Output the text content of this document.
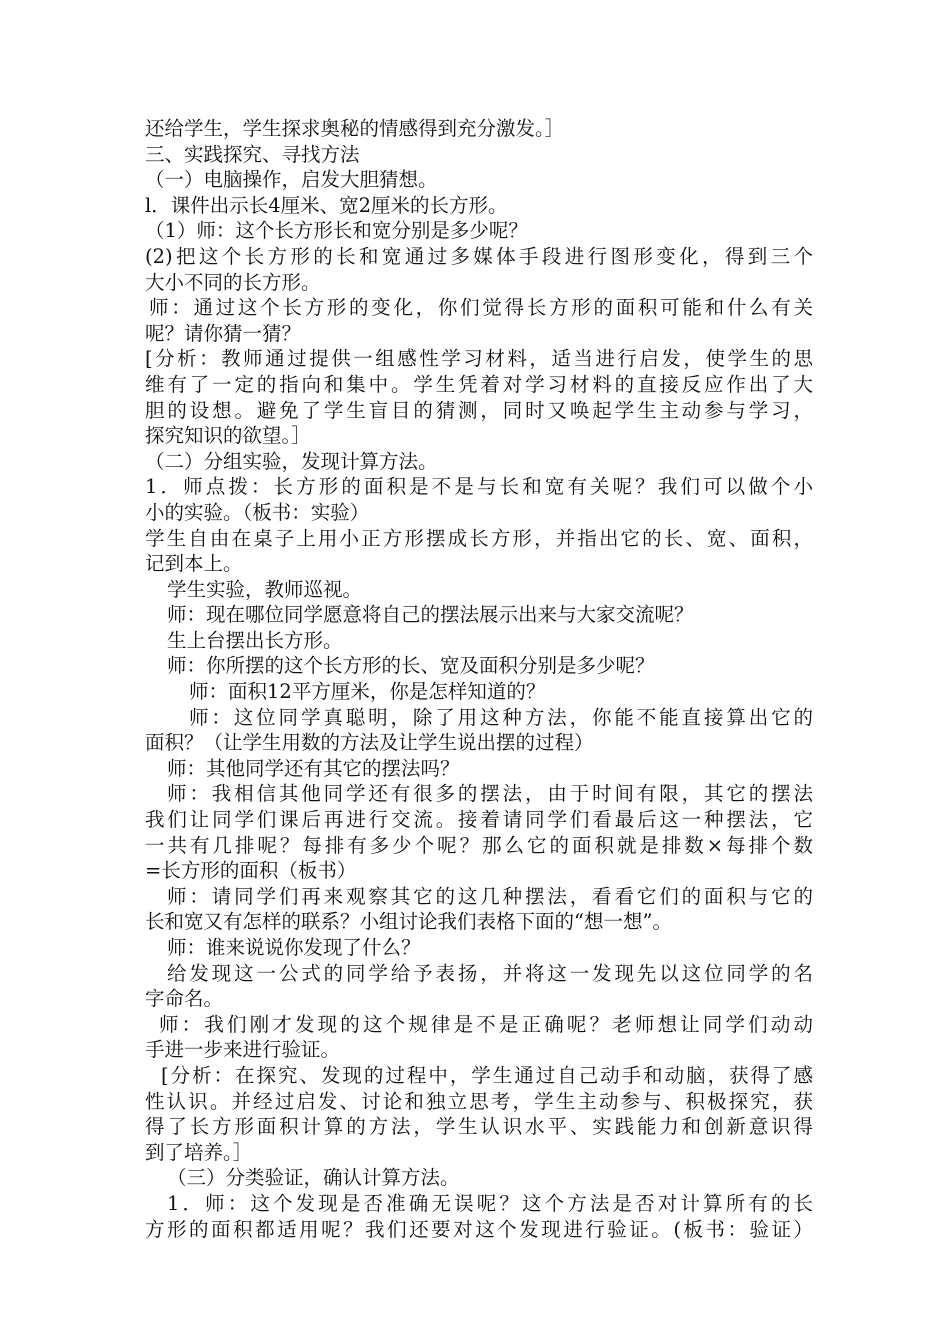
还给学生，学生探求奥秘的情感得到充分激发。］

三、实践探究、寻找方法

（一）电脑操作，启发大胆猜想。

l．课件出示长4厘米、宽2厘米的长方形。

（1）师：这个长方形长和宽分别是多少呢？

(2)把这个长方形的长和宽通过多媒体手段进行图形变化，得到三个

大小不同的长方形。

师：通过这个长方形的变化，你们觉得长方形的面积可能和什么有关

呢？请你猜一猜？

[分析：教师通过提供一组感性学习材料，适当进行启发，使学生的思

维有了一定的指向和集中。学生凭着对学习材料的直接反应作出了大

胆的设想。避免了学生盲目的猜测，同时又唤起学生主动参与学习，

探究知识的欲望。］

（二）分组实验，发现计算方法。

1．师点拨：长方形的面积是不是与长和宽有关呢？我们可以做个小

小的实验。（板书：实验）

学生自由在桌子上用小正方形摆成长方形，并指出它的长、宽、面积，

记到本上。

学生实验，教师巡视。

师：现在哪位同学愿意将自己的摆法展示出来与大家交流呢？

生上台摆出长方形。

师：你所摆的这个长方形的长、宽及面积分别是多少呢？

师：面积12平方厘米，你是怎样知道的？

师：这位同学真聪明，除了用这种方法，你能不能直接算出它的

面积？（让学生用数的方法及让学生说出摆的过程）

师：其他同学还有其它的摆法吗？

师：我相信其他同学还有很多的摆法，由于时间有限，其它的摆法

我们让同学们课后再进行交流。接着请同学们看最后这一种摆法，它

一共有几排呢？每排有多少个呢？那么它的面积就是排数×每排个数

=长方形的面积（板书）

师：请同学们再来观察其它的这几种摆法，看看它们的面积与它的

长和宽又有怎样的联系？小组讨论我们表格下面的“想一想”。

师：谁来说说你发现了什么？

给发现这一公式的同学给予表扬，并将这一发现先以这位同学的名

字命名。

师：我们刚才发现的这个规律是不是正确呢？老师想让同学们动动

手进一步来进行验证。

[分析：在探究、发现的过程中，学生通过自己动手和动脑，获得了感

性认识。并经过启发、讨论和独立思考，学生主动参与、积极探究，获

得了长方形面积计算的方法，学生认识水平、实践能力和创新意识得

到了培养。］

（三）分类验证，确认计算方法。

1．师：这个发现是否准确无误呢？这个方法是否对计算所有的长

方形的面积都适用呢？我们还要对这个发现进行验证。(板书：验证）
